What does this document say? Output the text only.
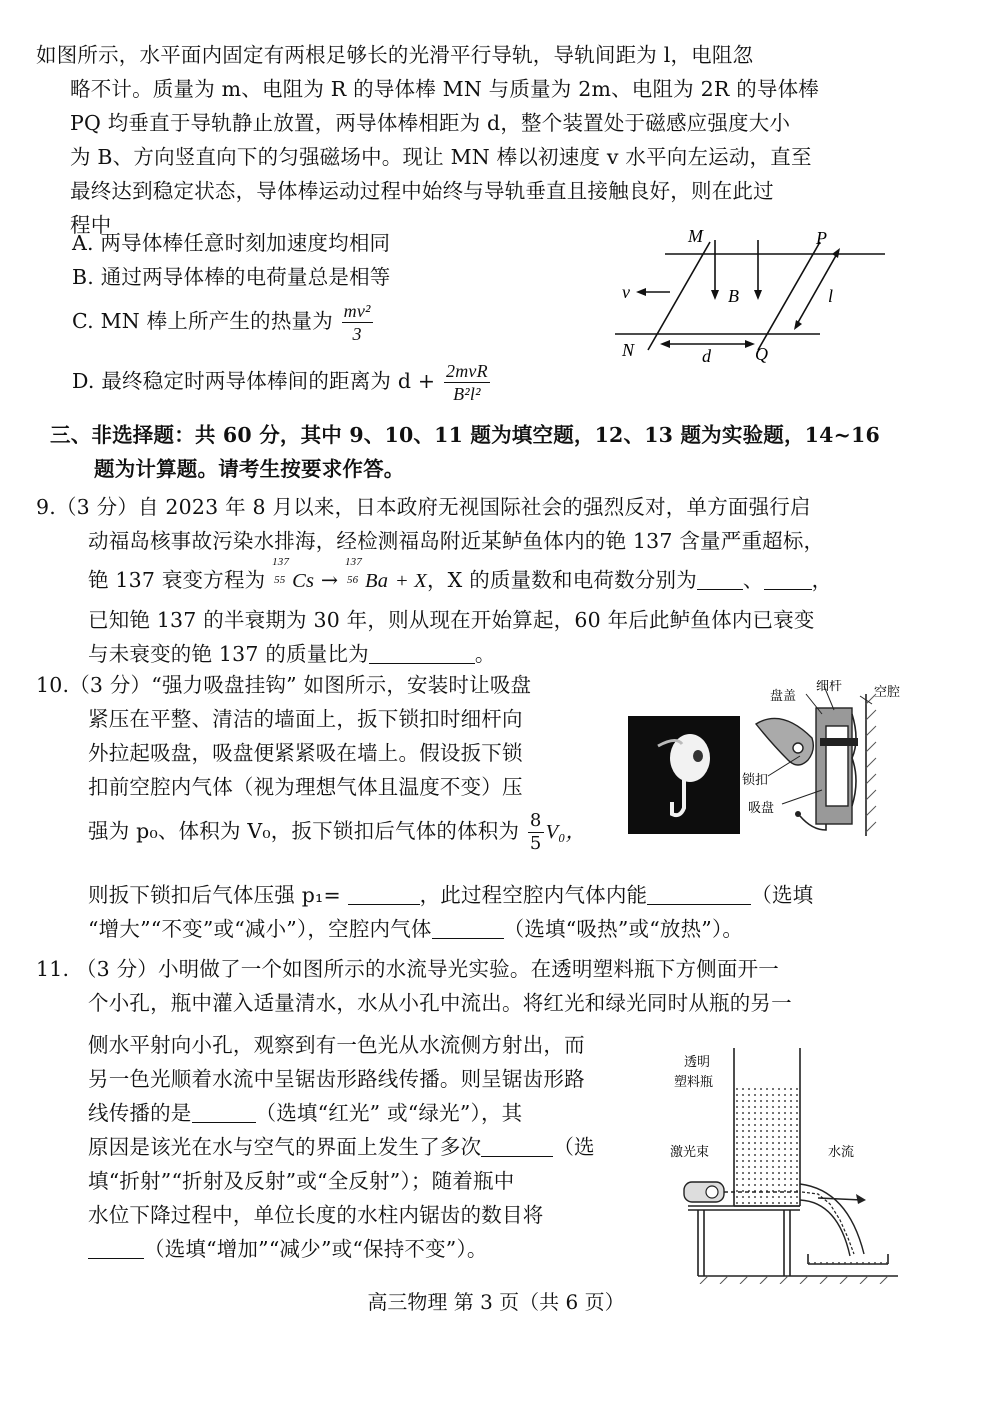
如图所示，水平面内固定有两根足够长的光滑平行导轨，导轨间距为 l，电阻忽
略不计。质量为 m、电阻为 R 的导体棒 MN 与质量为 2m、电阻为 2R 的导体棒
PQ 均垂直于导轨静止放置，两导体棒相距为 d，整个装置处于磁感应强度大小
为 B、方向竖直向下的匀强磁场中。现让 MN 棒以初速度 v 水平向左运动，直至
最终达到稳定状态，导体棒运动过程中始终与导轨垂直且接触良好，则在此过
程中
A. 两导体棒任意时刻加速度均相同
B. 通过两导体棒的电荷量总是相等
C. MN 棒上所产生的热量为 $\frac{\text{mv²}}{3}$
D. 最终稳定时两导体棒间的距离为 $d + \frac{\text{2mvR}}{\text{B²l²}}$
M	P
N	Q
B
v	l
d
三、非选择题：共 60 分，其中 9、10、11 题为填空题，12、13 题为实验题，14~16
题为计算题。请考生按要求作答。
9.（3 分）自 2023 年 8 月以来，日本政府无视国际社会的强烈反对，单方面强行启
动福岛核事故污染水排海，经检测福岛附近某鲈鱼体内的铯 137 含量严重超标，
铯 137 衰变方程为
137
55 Cs →
137
56 Ba + X，X 的质量数和电荷数分别为 、 ，
已知铯 137 的半衰期为 30 年，则从现在开始算起，60 年后此鲈鱼体内已衰变
与未衰变的铯 137 的质量比为	。
10.（3 分）“强力吸盘挂钩” 如图所示，安装时让吸盘
紧压在平整、清洁的墙面上，扳下锁扣时细杆向
外拉起吸盘，吸盘便紧紧吸在墙上。假设扳下锁
扣前空腔内气体（视为理想气体且温度不变）压
强为 p₀、体积为 V₀，扳下锁扣后气体的体积为 $\frac{8}{5} V_0$，
则扳下锁扣后气体压强 p₁=	，此过程空腔内气体内能	（选填
“增大”“不变”或“减小”），空腔内气体	（选填“吸热”或“放热”）。
盘盖
细杆 空腔
锁扣
吸盘
11. （3 分）小明做了一个如图所示的水流导光实验。在透明塑料瓶下方侧面开一
个小孔，瓶中灌入适量清水，水从小孔中流出。将红光和绿光同时从瓶的另一
侧水平射向小孔，观察到有一色光从水流侧方射出，而
另一色光顺着水流中呈锯齿形路线传播。则呈锯齿形路
线传播的是	（选填“红光” 或“绿光”），其
原因是该光在水与空气的界面上发生了多次	（选
填“折射”“折射及反射”或“全反射”）；随着瓶中
水位下降过程中，单位长度的水柱内锯齿的数目将
（选填“增加”“减少”或“保持不变”）。
透明
塑料瓶
激光束	水流
高三物理 第 3 页（共 6 页）
